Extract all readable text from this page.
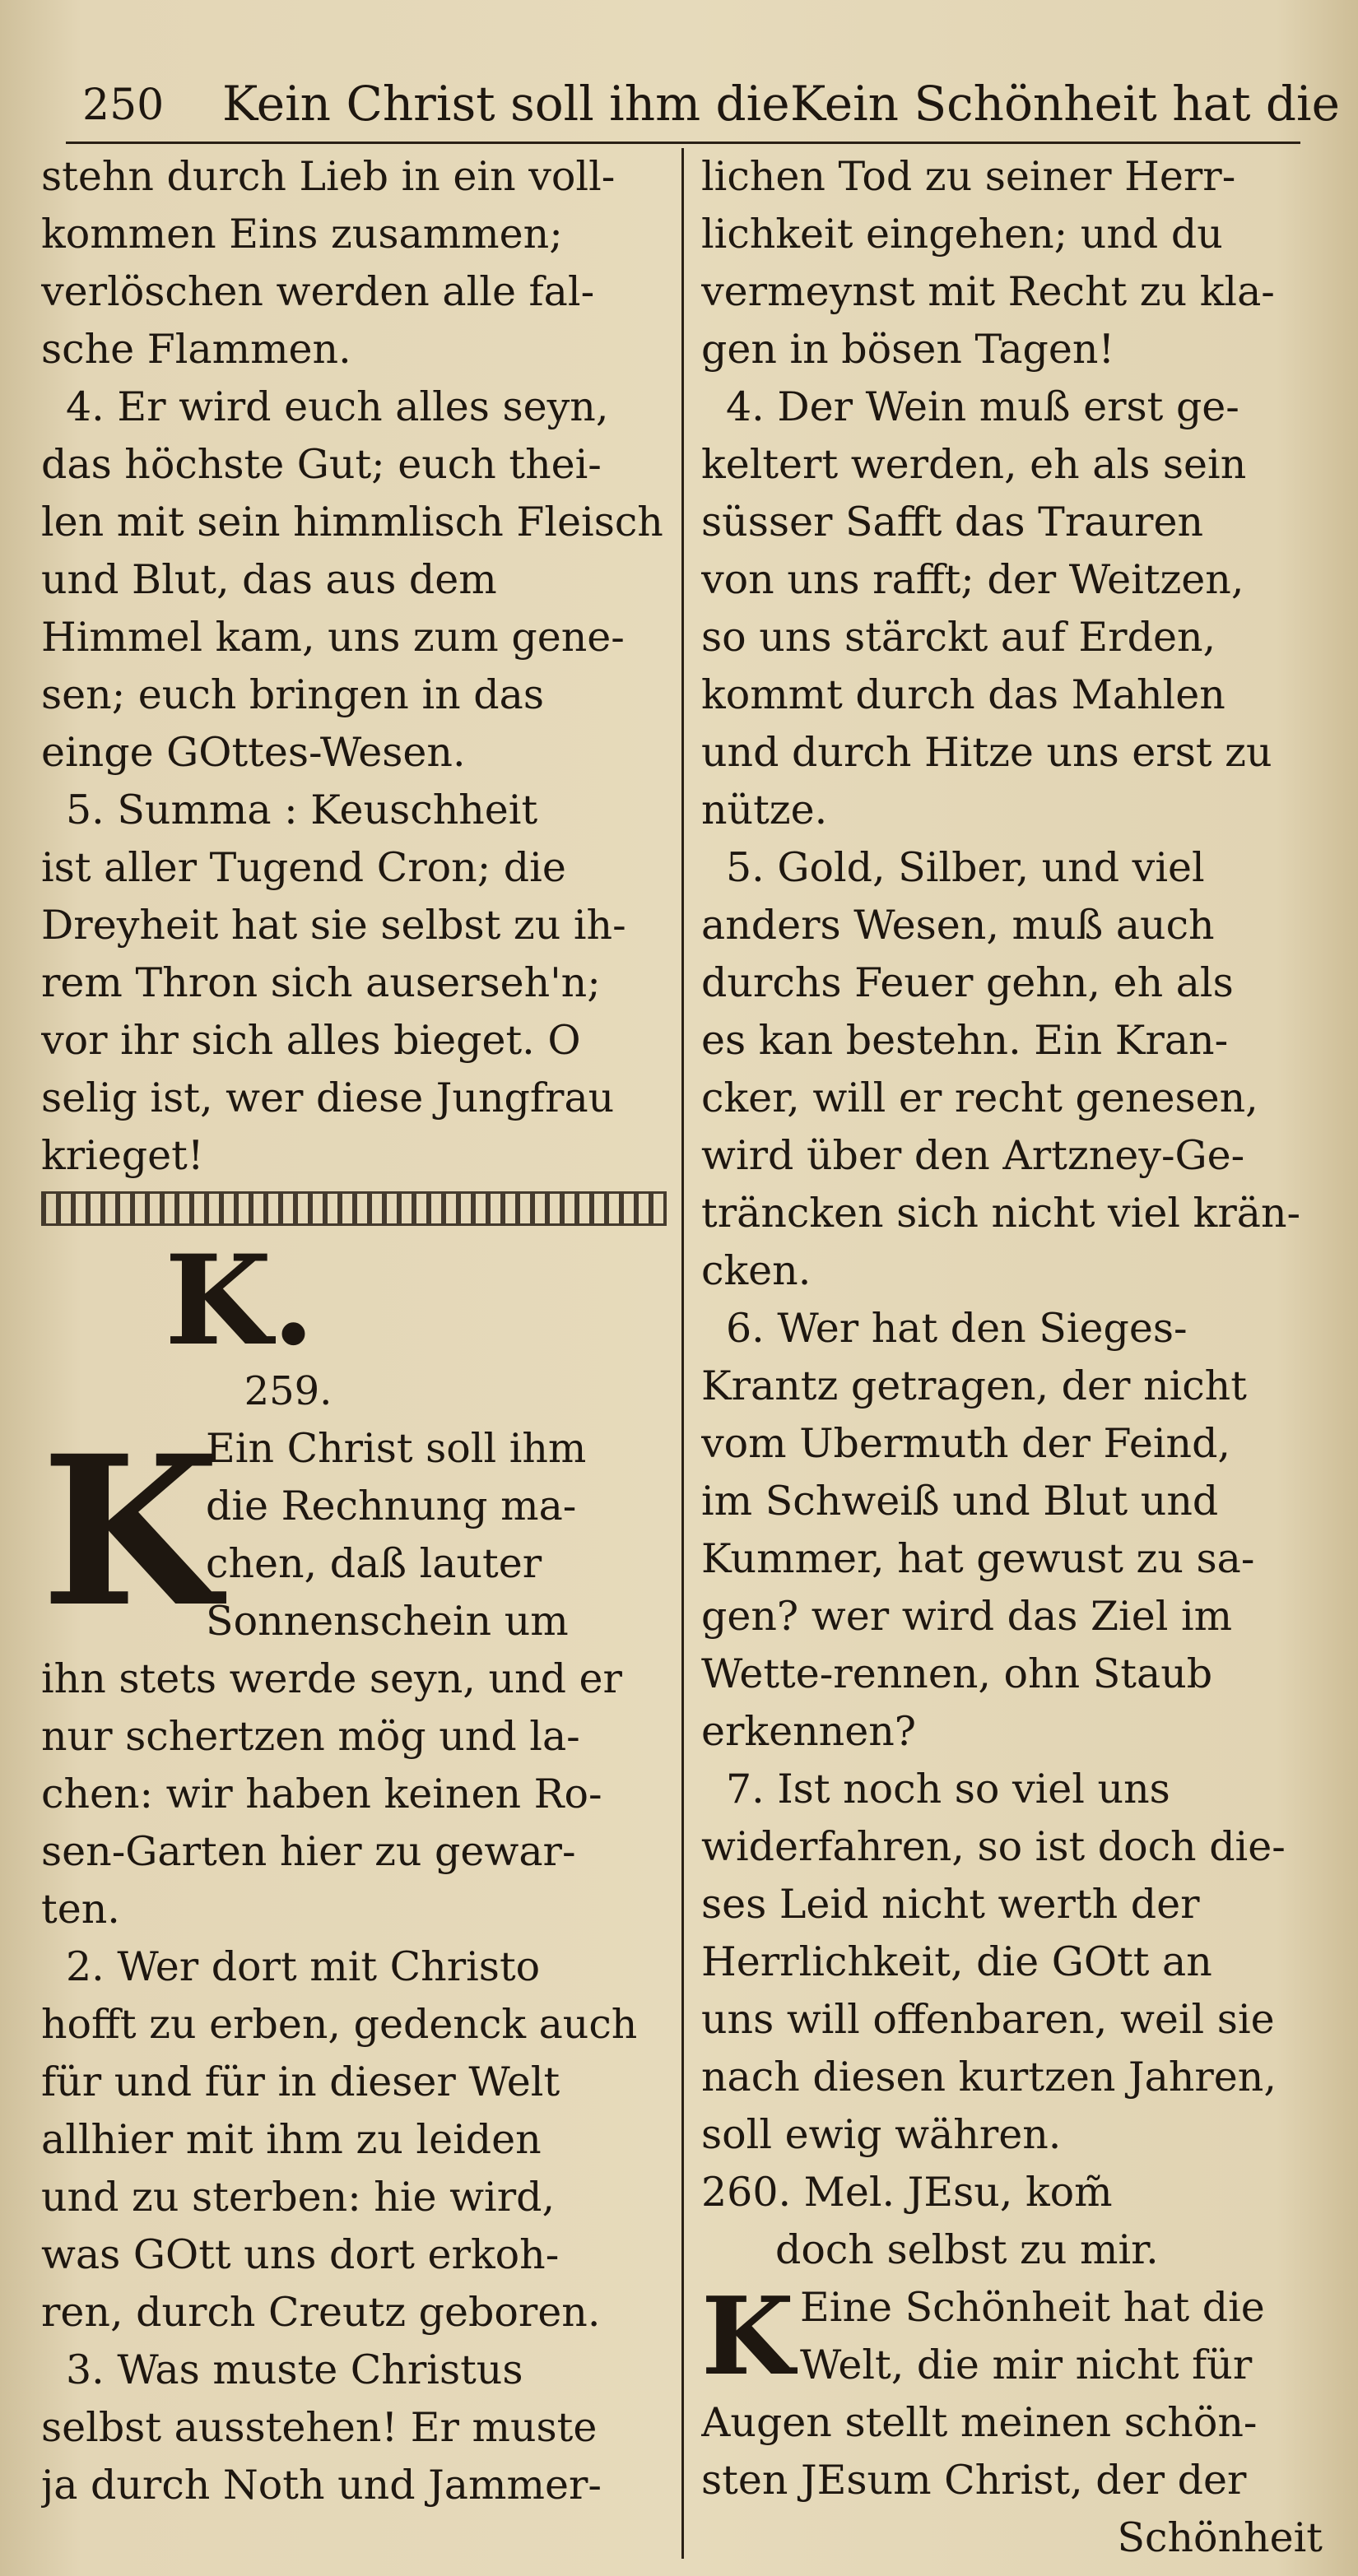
250 Kein Christ soll ihm die Kein Schönheit hat die
stehn durch Lieb in ein voll-
kommen Eins zusammen;
verlöschen werden alle fal-
sche Flammen.
4. Er wird euch alles seyn,
das höchste Gut; euch thei-
len mit sein himmlisch Fleisch
und Blut, das aus dem
Himmel kam, uns zum gene-
sen; euch bringen in das
einge GOttes-Wesen.
5. Summa : Keuschheit
ist aller Tugend Cron; die
Dreyheit hat sie selbst zu ih-
rem Thron sich auserseh'n;
vor ihr sich alles bieget. O
selig ist, wer diese Jungfrau
krieget!
K.
259.
K
Ein Christ soll ihm
die Rechnung ma-
chen, daß lauter
Sonnenschein um
ihn stets werde seyn, und er
nur schertzen mög und la-
chen: wir haben keinen Ro-
sen-Garten hier zu gewar-
ten.
2. Wer dort mit Christo
hofft zu erben, gedenck auch
für und für in dieser Welt
allhier mit ihm zu leiden
und zu sterben: hie wird,
was GOtt uns dort erkoh-
ren, durch Creutz geboren.
3. Was muste Christus
selbst ausstehen! Er muste
ja durch Noth und Jammer-
lichen Tod zu seiner Herr-
lichkeit eingehen; und du
vermeynst mit Recht zu kla-
gen in bösen Tagen!
4. Der Wein muß erst ge-
keltert werden, eh als sein
süsser Safft das Trauren
von uns rafft; der Weitzen,
so uns stärckt auf Erden,
kommt durch das Mahlen
und durch Hitze uns erst zu
nütze.
5. Gold, Silber, und viel
anders Wesen, muß auch
durchs Feuer gehn, eh als
es kan bestehn. Ein Kran-
cker, will er recht genesen,
wird über den Artzney-Ge-
träncken sich nicht viel krän-
cken.
6. Wer hat den Sieges-
Krantz getragen, der nicht
vom Ubermuth der Feind,
im Schweiß und Blut und
Kummer, hat gewust zu sa-
gen? wer wird das Ziel im
Wette-rennen, ohn Staub
erkennen?
7. Ist noch so viel uns
widerfahren, so ist doch die-
ses Leid nicht werth der
Herrlichkeit, die GOtt an
uns will offenbaren, weil sie
nach diesen kurtzen Jahren,
soll ewig währen.
260. Mel. JEsu, kom̃
doch selbst zu mir.
K Eine Schönheit hat die
Welt, die mir nicht für
Augen stellt meinen schön-
sten JEsum Christ, der der
Schönheit
